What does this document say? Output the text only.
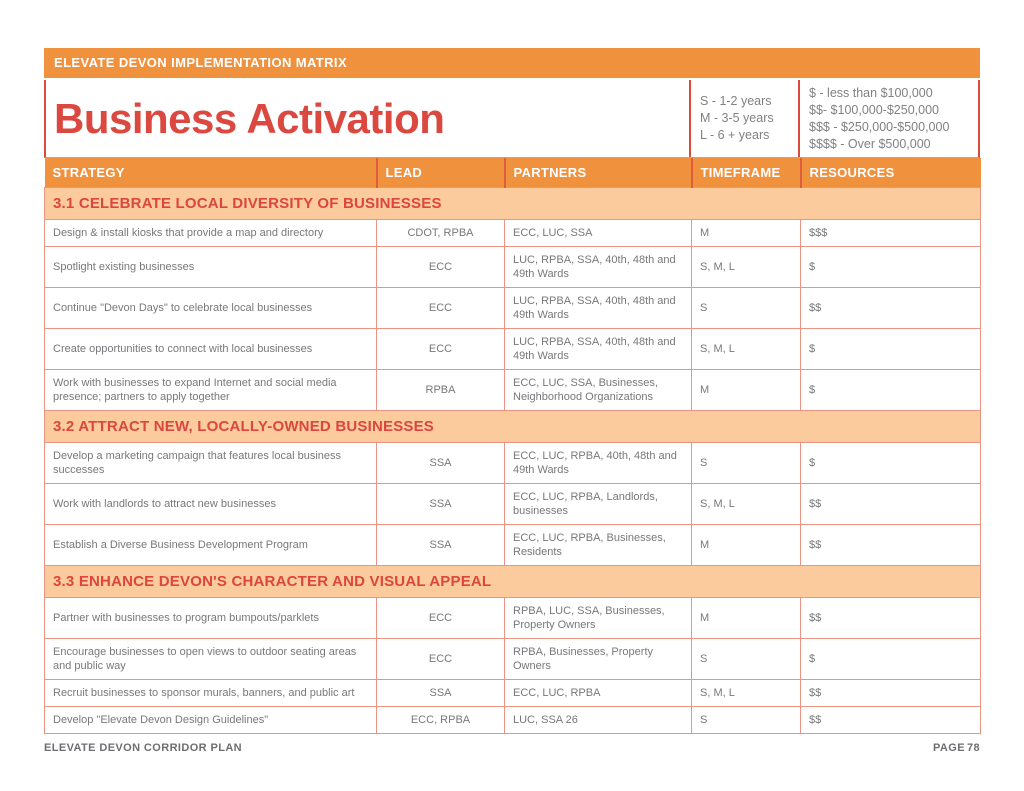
ELEVATE DEVON IMPLEMENTATION MATRIX
Business Activation	S - 1-2 years
M - 3-5 years
L - 6 + years
$ - less than $100,000
$$- $100,000-$250,000
$$$ - $250,000-$500,000
$$$$ - Over $500,000
STRATEGY	LEAD	PARTNERS	TIMEFRAME	RESOURCES
3.1 CELEBRATE LOCAL DIVERSITY OF BUSINESSES				
Design & install kiosks that provide a map and directory	CDOT, RPBA	ECC, LUC, SSA	M	$$$
Spotlight existing businesses	ECC	LUC, RPBA, SSA, 40th, 48th and 49th Wards	S, M, L	$
Continue "Devon Days" to celebrate local businesses	ECC	LUC, RPBA, SSA, 40th, 48th and 49th Wards	S	$$
Create opportunities to connect with local businesses	ECC	LUC, RPBA, SSA, 40th, 48th and 49th Wards	S, M, L	$
Work with businesses to expand Internet and social media presence; partners to apply together	RPBA	ECC, LUC, SSA, Businesses, Neighborhood Organizations	M	$
3.2 ATTRACT NEW, LOCALLY-OWNED BUSINESSES				
Develop a marketing campaign that features local business successes	SSA	ECC, LUC, RPBA, 40th, 48th and 49th Wards	S	$
Work with landlords to attract new businesses	SSA	ECC, LUC, RPBA, Landlords, businesses	S, M, L	$$
Establish a Diverse Business Development Program	SSA	ECC, LUC, RPBA, Businesses, Residents	M	$$
3.3 ENHANCE DEVON'S CHARACTER AND VISUAL APPEAL				
Partner with businesses to program bumpouts/parklets	ECC	RPBA, LUC, SSA, Businesses, Property Owners	M	$$
Encourage businesses to open views to outdoor seating areas and public way	ECC	RPBA, Businesses, Property Owners	S	$
Recruit businesses to sponsor murals, banners, and public art	SSA	ECC, LUC, RPBA	S, M, L	$$
Develop "Elevate Devon Design Guidelines"	ECC, RPBA	LUC, SSA 26	S	$$
ELEVATE DEVON CORRIDOR PLAN	PAGE 78
